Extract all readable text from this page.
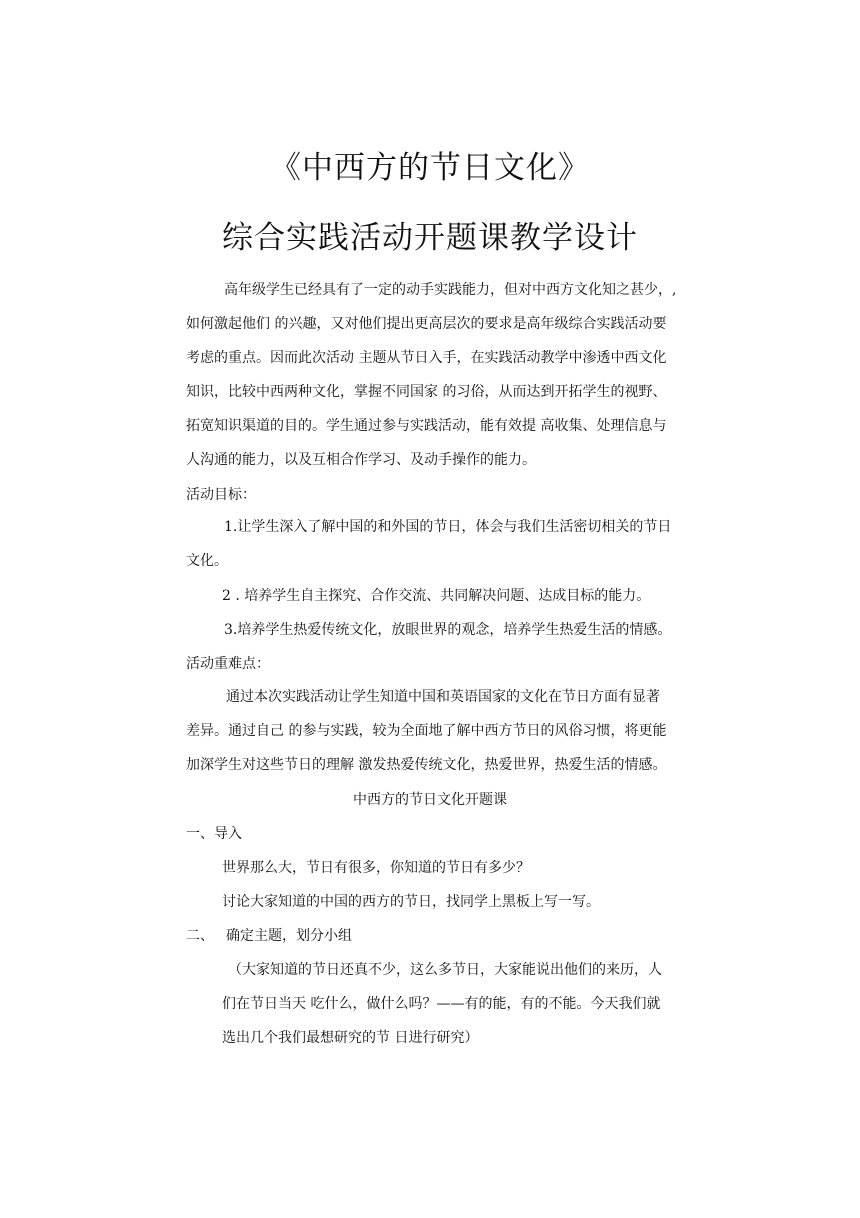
《中西方的节日文化》
综合实践活动开题课教学设计
高年级学生已经具有了一定的动手实践能力，但对中西方文化知之甚少，,
如何激起他们 的兴趣，又对他们提出更高层次的要求是高年级综合实践活动要
考虑的重点。因而此次活动 主题从节日入手，在实践活动教学中渗透中西文化
知识，比较中西两种文化，掌握不同国家 的习俗，从而达到开拓学生的视野、
拓宽知识渠道的目的。学生通过参与实践活动，能有效提 高收集、处理信息与
人沟通的能力，以及互相合作学习、及动手操作的能力。
活动目标：
1.让学生深入了解中国的和外国的节日，体会与我们生活密切相关的节日
文化。
2 . 培养学生自主探究、合作交流、共同解决问题、达成目标的能力。
3.培养学生热爱传统文化，放眼世界的观念，培养学生热爱生活的情感。
活动重难点：
通过本次实践活动让学生知道中国和英语国家的文化在节日方面有显著
差异。通过自己 的参与实践，较为全面地了解中西方节日的风俗习惯，将更能
加深学生对这些节日的理解 激发热爱传统文化，热爱世界，热爱生活的情感。
中西方的节日文化开题课
一、导入
世界那么大，节日有很多，你知道的节日有多少？
讨论大家知道的中国的西方的节日，找同学上黑板上写一写。
二、 确定主题，划分小组
（大家知道的节日还真不少，这么多节日，大家能说出他们的来历，人
们在节日当天 吃什么，做什么吗？——有的能，有的不能。今天我们就
选出几个我们最想研究的节 日进行研究）
